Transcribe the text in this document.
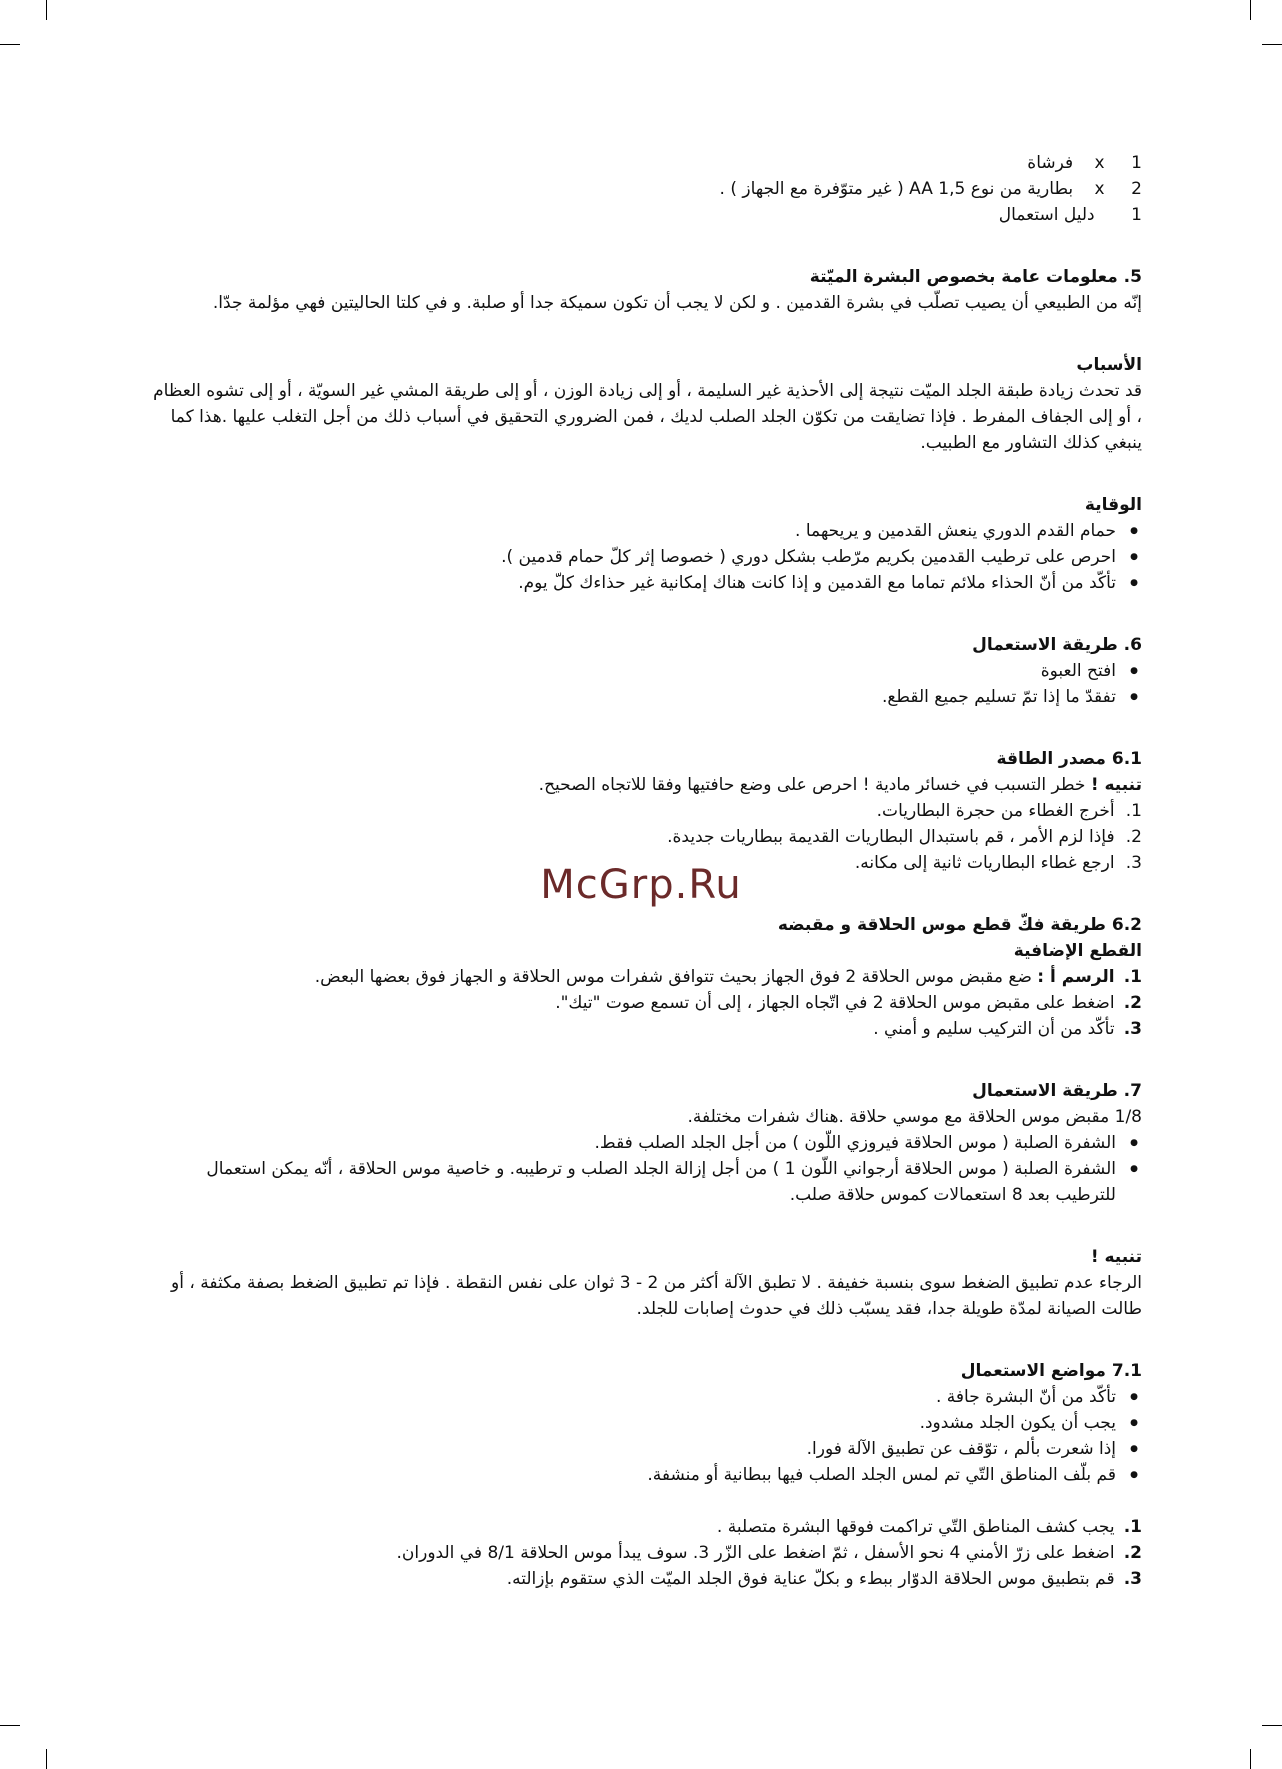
1 x فرشاة
2 x بطارية من نوع AA 1,5 ( غير متوّفرة مع الجهاز ) .
1 دليل استعمال
5. معلومات عامة بخصوص البشرة الميّتة
إنّه من الطبيعي أن يصيب تصلّب في بشرة القدمين . و لكن لا يجب أن تكون سميكة جدا أو صلبة. و في كلتا الحاليتين فهي مؤلمة جدّا.
الأسباب
قد تحدث زيادة طبقة الجلد الميّت نتيجة إلى الأحذية غير السليمة ، أو إلى زيادة الوزن ، أو إلى طريقة المشي غير السويّة ، أو إلى تشوه العظام
، أو إلى الجفاف المفرط . فإذا تضايقت من تكوّن الجلد الصلب لديك ، فمن الضروري التحقيق في أسباب ذلك من أجل التغلب عليها .هذا كما
ينبغي كذلك التشاور مع الطبيب.
الوقاية
● حمام القدم الدوري ينعش القدمين و يريحهما .
● احرص على ترطيب القدمين بكريم مرّطب بشكل دوري ( خصوصا إثر كلّ حمام قدمين ).
● تأكّد من أنّ الحذاء ملائم تماما مع القدمين و إذا كانت هناك إمكانية غير حذاءك كلّ يوم.
6. طريقة الاستعمال
● افتح العبوة
● تفقدّ ما إذا تمّ تسليم جميع القطع.
6.1 مصدر الطاقة
تنبيه ! خطر التسبب في خسائر مادية ! احرص على وضع حافتيها وفقا للاتجاه الصحيح.
1. أخرج الغطاء من حجرة البطاريات.
2. فإذا لزم الأمر ، قم باستبدال البطاريات القديمة ببطاريات جديدة.
3. ارجع غطاء البطاريات ثانية إلى مكانه.
6.2 طريقة فكّ قطع موس الحلاقة و مقبضه
القطع الإضافية
1. الرسم أ : ضع مقبض موس الحلاقة 2 فوق الجهاز بحيث تتوافق شفرات موس الحلاقة و الجهاز فوق بعضها البعض.
2. اضغط على مقبض موس الحلاقة 2 في اتّجاه الجهاز ، إلى أن تسمع صوت "تيك".
3. تأكّد من أن التركيب سليم و أمني .
7. طريقة الاستعمال
1/8 مقبض موس الحلاقة مع موسي حلاقة .هناك شفرات مختلفة.
● الشفرة الصلبة ( موس الحلاقة فيروزي اللّون ) من أجل الجلد الصلب فقط.
● الشفرة الصلبة ( موس الحلاقة أرجواني اللّون 1 ) من أجل إزالة الجلد الصلب و ترطيبه. و خاصية موس الحلاقة ، أنّه يمكن استعمال
للترطيب بعد 8 استعمالات كموس حلاقة صلب.
تنبيه !
الرجاء عدم تطبيق الضغط سوى بنسبة خفيفة . لا تطبق الآلة أكثر من 2 - 3 ثوان على نفس النقطة . فإذا تم تطبيق الضغط بصفة مكثفة ، أو
طالت الصيانة لمدّة طويلة جدا، فقد يسبّب ذلك في حدوث إصابات للجلد.
7.1 مواضع الاستعمال
● تأكّد من أنّ البشرة جافة .
● يجب أن يكون الجلد مشدود.
● إذا شعرت بألم ، توّقف عن تطبيق الآلة فورا.
● قم بلّف المناطق التّي تم لمس الجلد الصلب فيها ببطانية أو منشفة.
1. يجب كشف المناطق التّي تراكمت فوقها البشرة متصلبة .
2. اضغط على زرّ الأمني 4 نحو الأسفل ، ثمّ اضغط على الزّر 3. سوف يبدأ موس الحلاقة 8/1 في الدوران.
3. قم بتطبيق موس الحلاقة الدوّار ببطء و بكلّ عناية فوق الجلد الميّت الذي ستقوم بإزالته.
McGrp.Ru
